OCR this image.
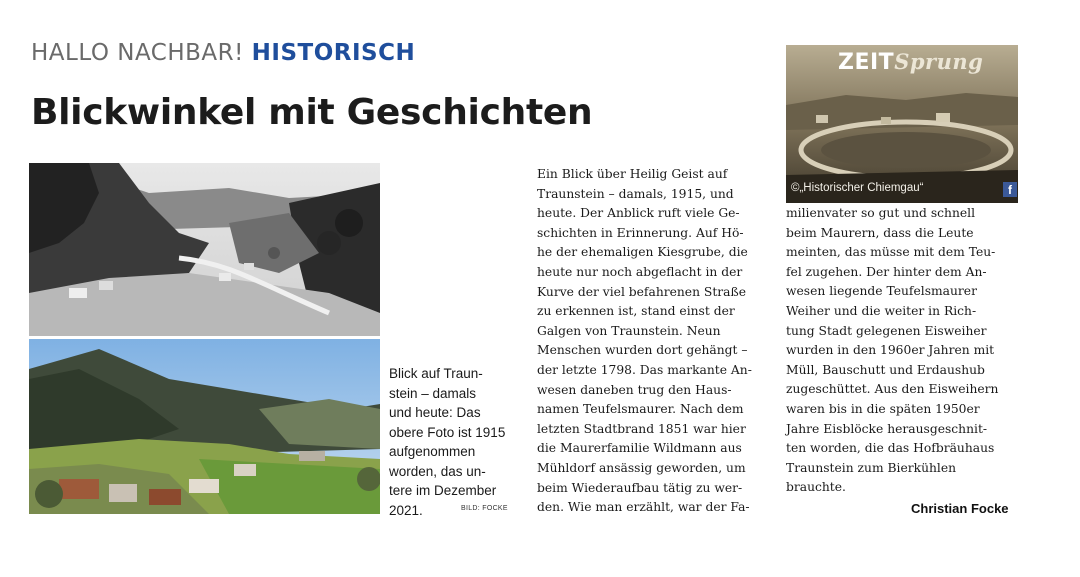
HALLO NACHBAR! HISTORISCH
Blickwinkel mit Geschichten

Blick auf Traun-

stein – damals

und heute: Das

obere Foto ist 1915

aufgenommen

worden, das un-

tere im Dezember

2021.	BILD: FOCKE
Ein Blick über Heilig Geist auf
Traunstein – damals, 1915, und
heute. Der Anblick ruft viele Ge-
schichten in Erinnerung. Auf Hö-
he der ehemaligen Kiesgrube, die
heute nur noch abgeflacht in der
Kurve der viel befahrenen Straße
zu erkennen ist, stand einst der
Galgen von Traunstein. Neun
Menschen wurden dort gehängt –
der letzte 1798. Das markante An-
wesen daneben trug den Haus-
namen Teufelsmaurer. Nach dem
letzten Stadtbrand 1851 war hier
die Maurerfamilie Wildmann aus
Mühldorf ansässig geworden, um
beim Wiederaufbau tätig zu wer-
den. Wie man erzählt, war der Fa-
ZEITSprung
©„Historischer Chiemgau“	f
milienvater so gut und schnell
beim Maurern, dass die Leute
meinten, das müsse mit dem Teu-
fel zugehen. Der hinter dem An-
wesen liegende Teufelsmaurer
Weiher und die weiter in Rich-
tung Stadt gelegenen Eisweiher
wurden in den 1960er Jahren mit
Müll, Bauschutt und Erdaushub
zugeschüttet. Aus den Eisweihern
waren bis in die späten 1950er
Jahre Eisblöcke herausgeschnit-
ten worden, die das Hofbräuhaus
Traunstein zum Bierkühlen
brauchte.
Christian Focke
